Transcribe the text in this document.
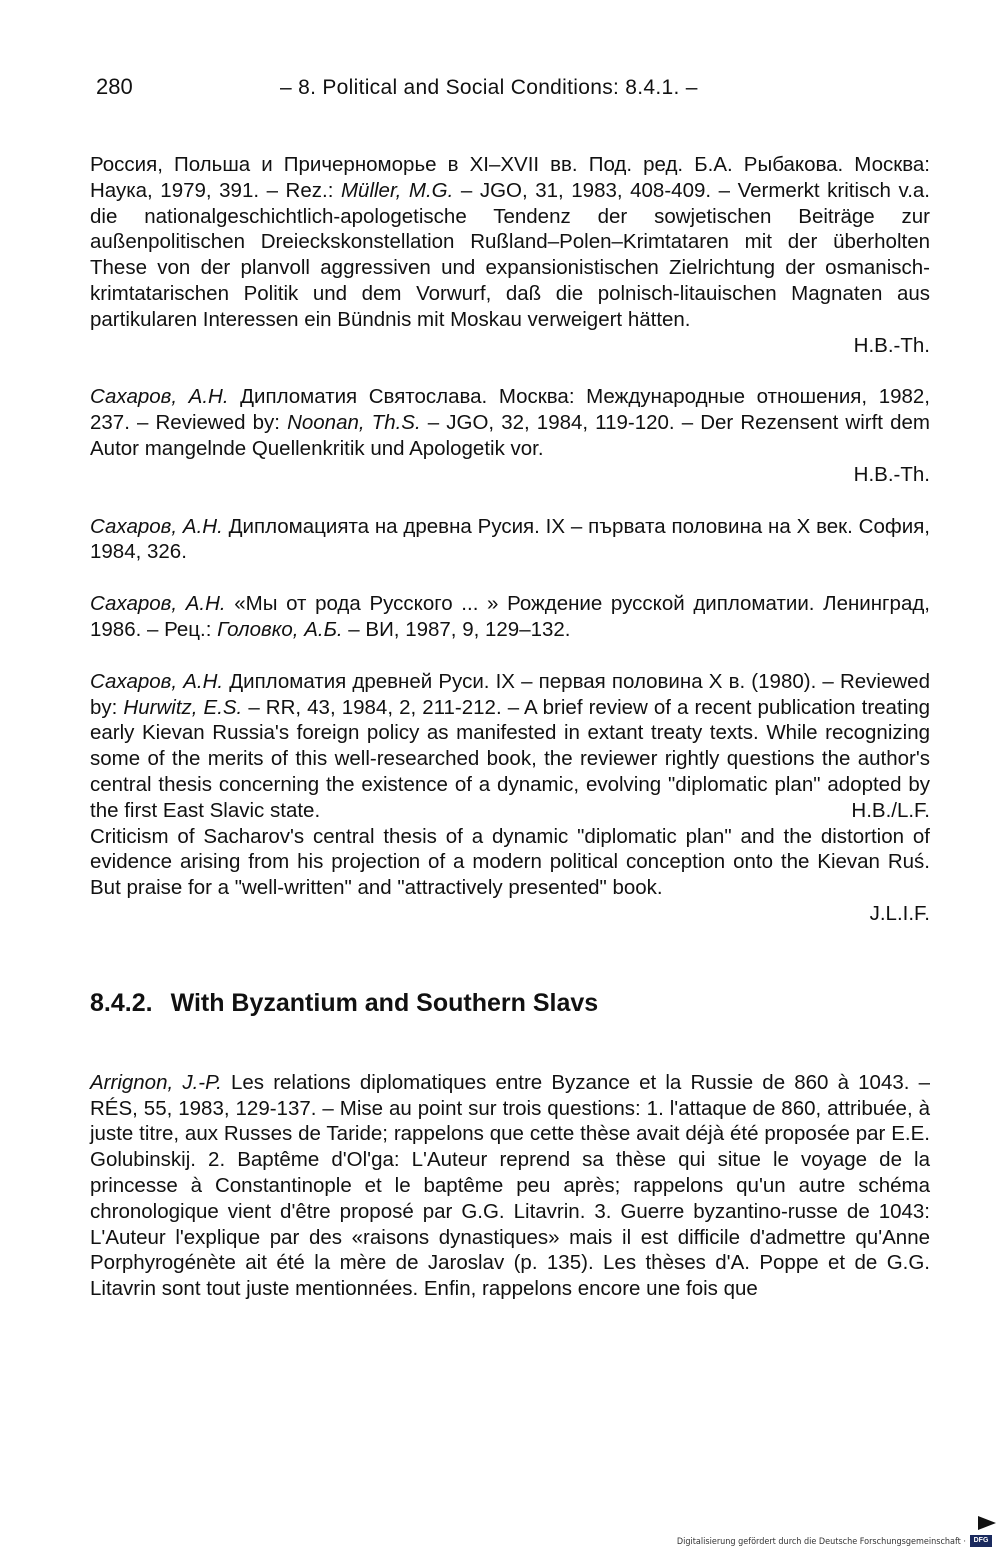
280	– 8. Political and Social Conditions: 8.4.1. –
Россия, Польша и Причерноморье в XI–XVII вв. Под. ред. Б.А. Рыбакова. Москва: Наука, 1979, 391. – Rez.: Müller, M.G. – JGO, 31, 1983, 408-409. – Vermerkt kritisch v.a. die nationalgeschichtlich-apologetische Tendenz der sowjetischen Beiträge zur außenpolitischen Dreieckskonstellation Rußland–Polen–Krimtataren mit der überholten These von der planvoll aggressiven und expansionistischen Zielrichtung der osmanisch-krimtatarischen Politik und dem Vorwurf, daß die polnisch-litauischen Magnaten aus partikularen Interessen ein Bündnis mit Moskau verweigert hätten.
H.B.-Th.
Сахаров, А.Н. Дипломатия Святослава. Москва: Международные отношения, 1982, 237. – Reviewed by: Noonan, Th.S. – JGO, 32, 1984, 119-120. – Der Rezensent wirft dem Autor mangelnde Quellenkritik und Apologetik vor.
H.B.-Th.
Сахаров, А.Н. Дипломацията на древна Русия. IX – първата половина на X век. София, 1984, 326.
Сахаров, А.Н. «Мы от рода Русского ... » Рождение русской дипломатии. Ленинград, 1986. – Рец.: Головко, А.Б. – ВИ, 1987, 9, 129–132.
Сахаров, А.Н. Дипломатия древней Руси. IX – первая половина X в. (1980). – Reviewed by: Hurwitz, E.S. – RR, 43, 1984, 2, 211-212. – A brief review of a recent publication treating early Kievan Russia's foreign policy as manifested in extant treaty texts. While recognizing some of the merits of this well-researched book, the reviewer rightly questions the author's central thesis concerning the existence of a dynamic, evolving "diplomatic plan" adopted by the first East Slavic state.	H.B./L.F.

Criticism of Sacharov's central thesis of a dynamic "diplomatic plan" and the distortion of evidence arising from his projection of a modern political conception onto the Kievan Ruś. But praise for a "well-written" and "attractively presented" book.
J.L.I.F.
8.4.2. With Byzantium and Southern Slavs
Arrignon, J.-P. Les relations diplomatiques entre Byzance et la Russie de 860 à 1043. – RÉS, 55, 1983, 129-137. – Mise au point sur trois questions: 1. l'attaque de 860, attribuée, à juste titre, aux Russes de Taride; rappelons que cette thèse avait déjà été proposée par E.E. Golubinskij. 2. Baptême d'Ol'ga: L'Auteur reprend sa thèse qui situe le voyage de la princesse à Constantinople et le baptême peu après; rappelons qu'un autre schéma chronologique vient d'être proposé par G.G. Litavrin. 3. Guerre byzantino-russe de 1043: L'Auteur l'explique par des «raisons dynastiques» mais il est difficile d'admettre qu'Anne Porphyrogénète ait été la mère de Jaroslav (p. 135). Les thèses d'A. Poppe et de G.G. Litavrin sont tout juste mentionnées. Enfin, rappelons encore une fois que
Digitalisierung gefördert durch die Deutsche Forschungsgemeinschaft ·	DFG
